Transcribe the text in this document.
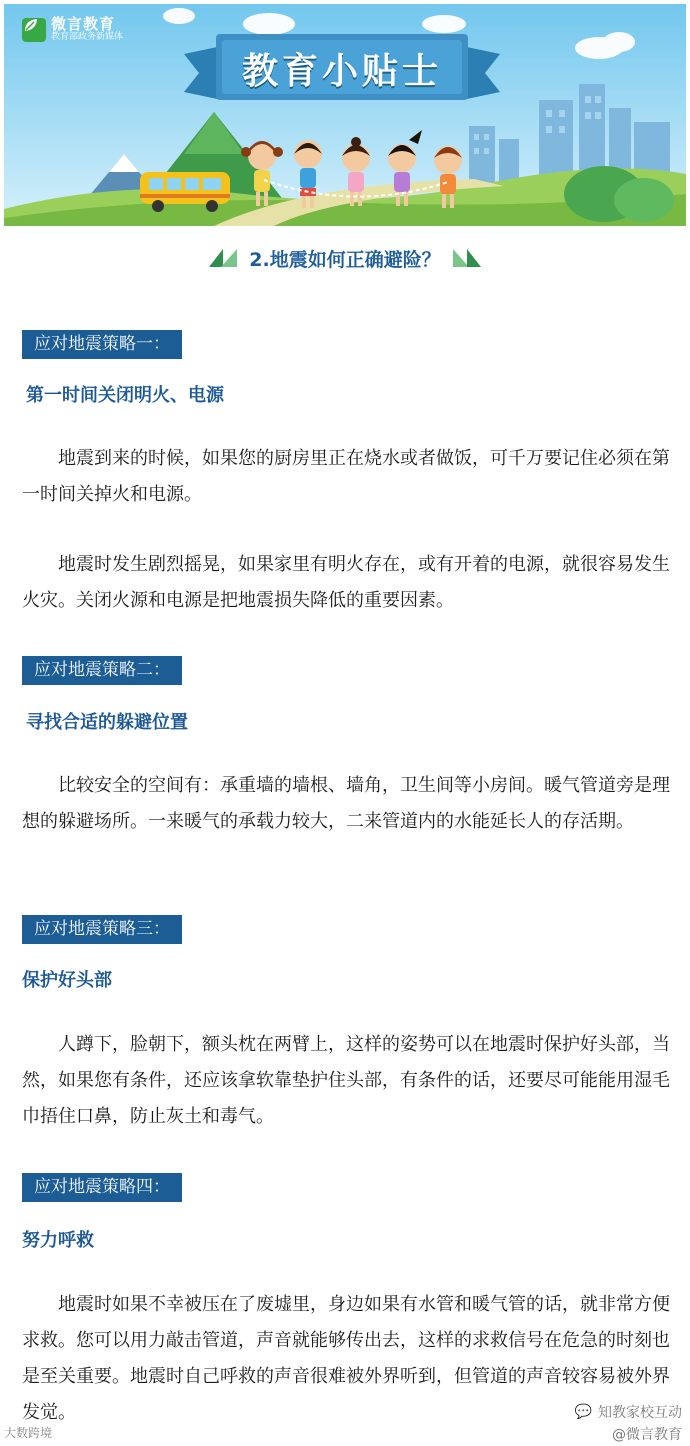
微言教育
教育部政务新媒体
教育小贴士
2.地震如何正确避险？
应对地震策略一：
第一时间关闭明火、电源
地震到来的时候，如果您的厨房里正在烧水或者做饭，可千万要记住必须在第一时间关掉火和电源。
地震时发生剧烈摇晃，如果家里有明火存在，或有开着的电源，就很容易发生火灾。关闭火源和电源是把地震损失降低的重要因素。
应对地震策略二：
寻找合适的躲避位置
比较安全的空间有：承重墙的墙根、墙角，卫生间等小房间。暖气管道旁是理想的躲避场所。一来暖气的承载力较大，二来管道内的水能延长人的存活期。
应对地震策略三：
保护好头部
人蹲下，脸朝下，额头枕在两臂上，这样的姿势可以在地震时保护好头部，当然，如果您有条件，还应该拿软靠垫护住头部，有条件的话，还要尽可能能用湿毛巾捂住口鼻，防止灰土和毒气。
应对地震策略四：
努力呼救
地震时如果不幸被压在了废墟里，身边如果有水管和暖气管的话，就非常方便求救。您可以用力敲击管道，声音就能够传出去，这样的求救信号在危急的时刻也是至关重要。地震时自己呼救的声音很难被外界听到，但管道的声音较容易被外界发觉。
大数跨境
💬 知教家校互动
@微言教育
